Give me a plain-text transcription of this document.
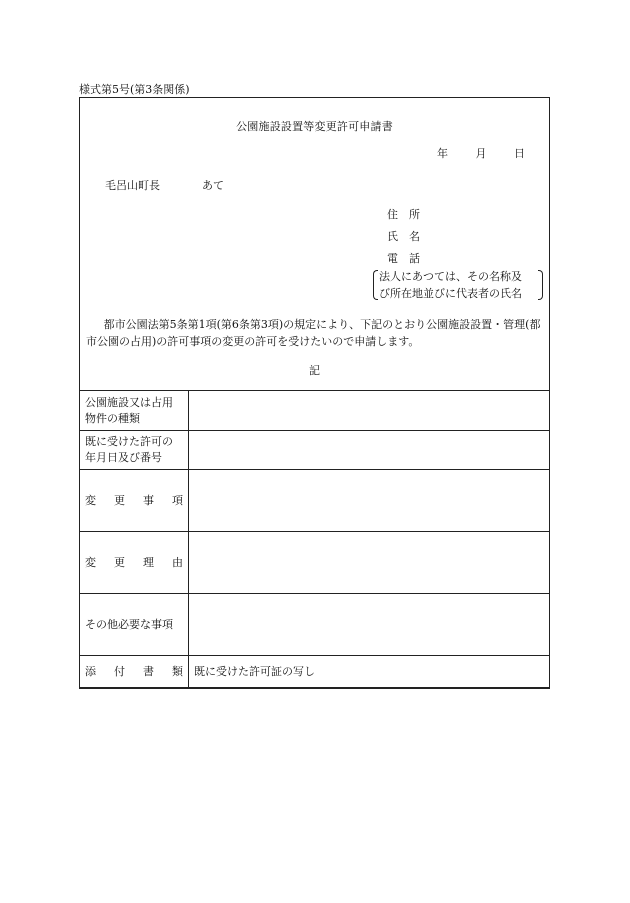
様式第5号(第3条関係)
公園施設設置等変更許可申請書
年	月	日
毛呂山町長	あて
住　所
氏　名
電　話

法人にあつては、その名称及

び所在地並びに代表者の氏名

都市公園法第5条第1項(第6条第3項)の規定により、下記のとおり公園施設設置・管理(都市公園の占用)の許可事項の変更の許可を受けたいので申請します。
記
公園施設又は占用
物件の種類	

既に受けた許可の
年月日及び番号	

変 更 事 項	

変 更 理 由	

その他必要な事項	

添 付 書 類	既に受けた許可証の写し
